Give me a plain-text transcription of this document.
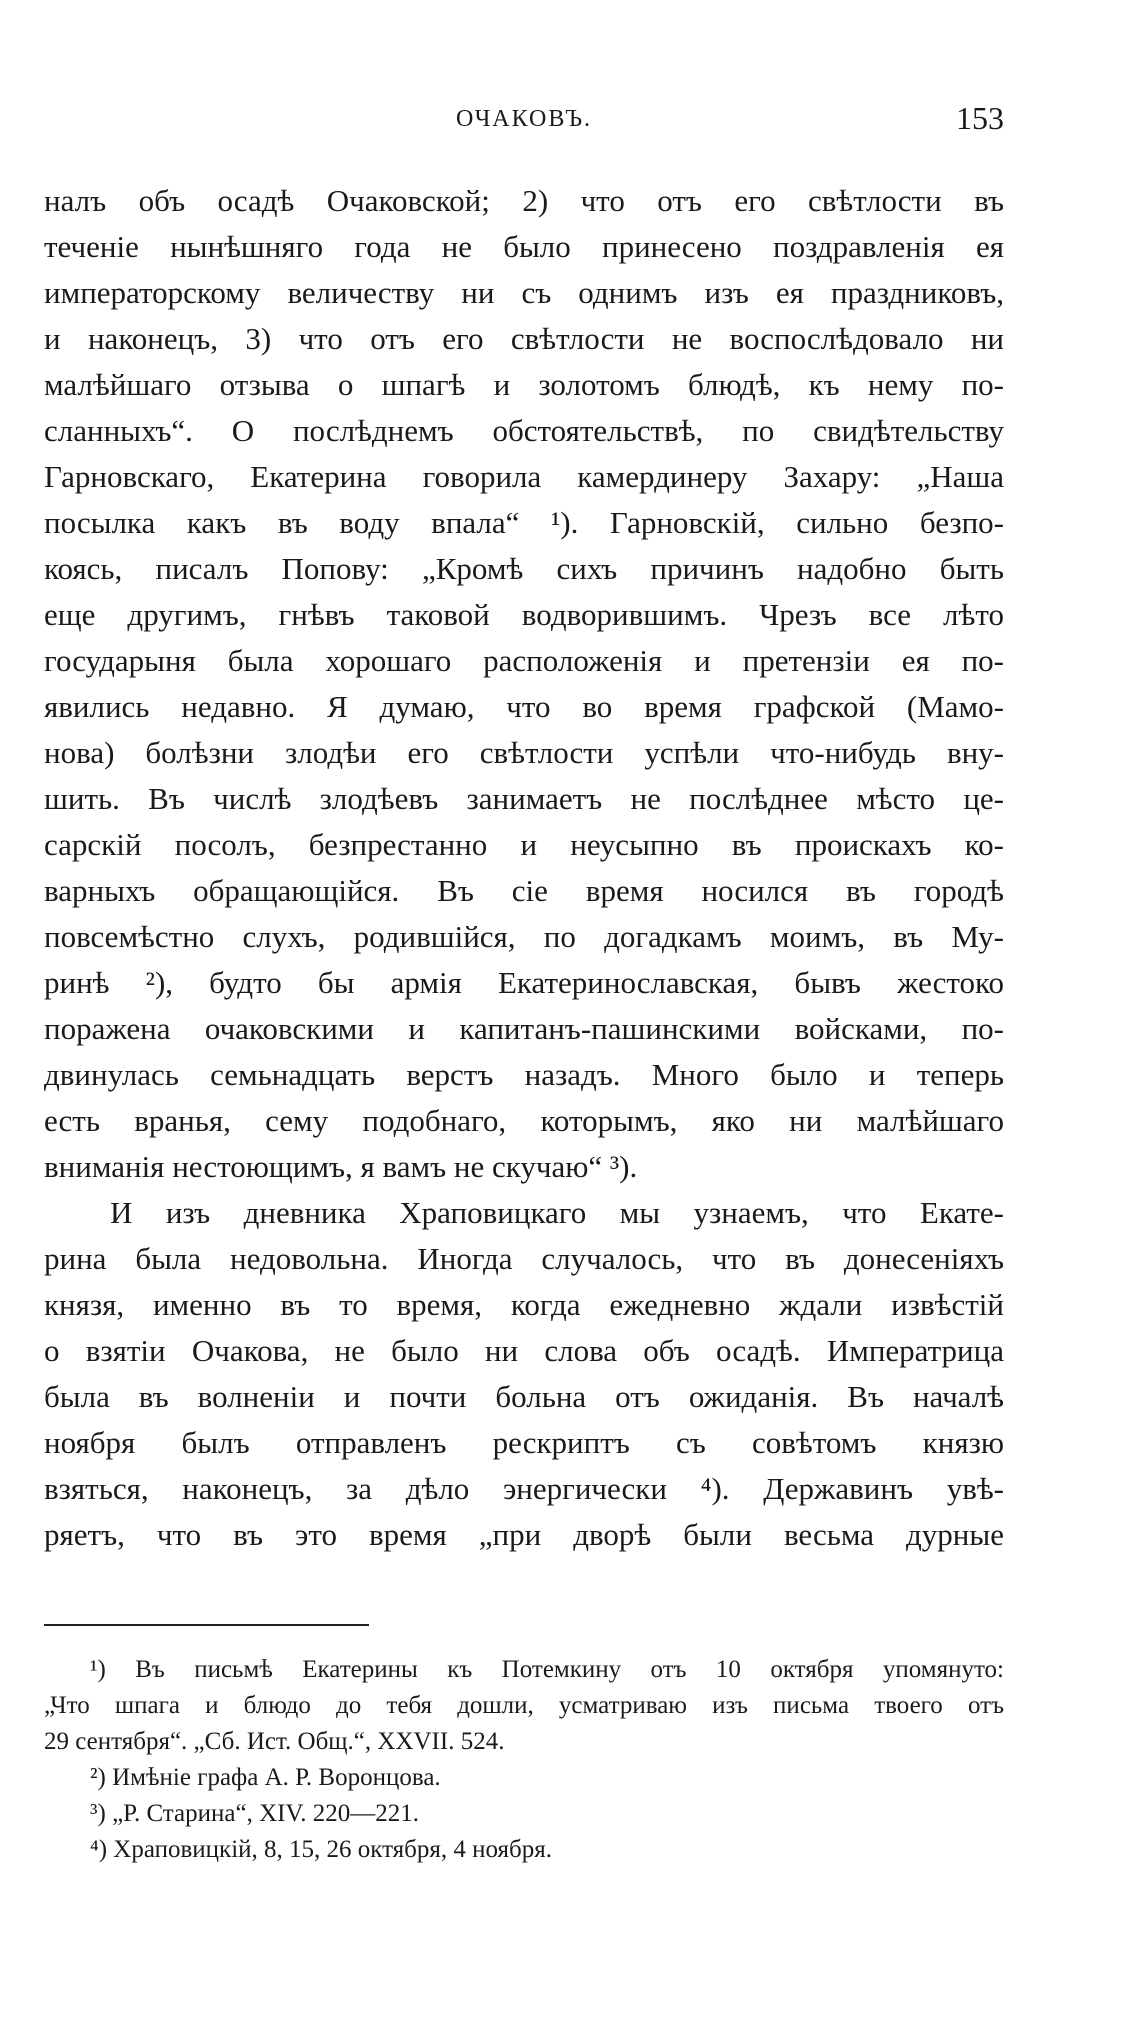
ОЧАКОВЪ.	153
налъ объ осадѣ Очаковской; 2) что отъ его свѣтлости въ
теченіе нынѣшняго года не было принесено поздравленія ея
императорскому величеству ни съ однимъ изъ ея праздниковъ,
и наконецъ, 3) что отъ его свѣтлости не воспослѣдовало ни
малѣйшаго отзыва о шпагѣ и золотомъ блюдѣ, къ нему по-
сланныхъ“. О послѣднемъ обстоятельствѣ, по свидѣтельству
Гарновскаго, Екатерина говорила камердинеру Захару: „Наша
посылка какъ въ воду впала“ ¹). Гарновскій, сильно безпо-
коясь, писалъ Попову: „Кромѣ сихъ причинъ надобно быть
еще другимъ, гнѣвъ таковой водворившимъ. Чрезъ все лѣто
государыня была хорошаго расположенія и претензіи ея по-
явились недавно. Я думаю, что во время графской (Мамо-
нова) болѣзни злодѣи его свѣтлости успѣли что-нибудь вну-
шить. Въ числѣ злодѣевъ занимаетъ не послѣднее мѣсто це-
сарскій посолъ, безпрестанно и неусыпно въ проискахъ ко-
варныхъ обращающійся. Въ сіе время носился въ городѣ
повсемѣстно слухъ, родившійся, по догадкамъ моимъ, въ Му-
ринѣ ²), будто бы армія Екатеринославская, бывъ жестоко
поражена очаковскими и капитанъ-пашинскими войсками, по-
двинулась семьнадцать верстъ назадъ. Много было и теперь
есть вранья, сему подобнаго, которымъ, яко ни малѣйшаго
вниманія нестоющимъ, я вамъ не скучаю“ ³).
И изъ дневника Храповицкаго мы узнаемъ, что Екате-
рина была недовольна. Иногда случалось, что въ донесеніяхъ
князя, именно въ то время, когда ежедневно ждали извѣстій
о взятіи Очакова, не было ни слова объ осадѣ. Императрица
была въ волненіи и почти больна отъ ожиданія. Въ началѣ
ноября былъ отправленъ рескриптъ съ совѣтомъ князю
взяться, наконецъ, за дѣло энергически ⁴). Державинъ увѣ-
ряетъ, что въ это время „при дворѣ были весьма дурные
¹) Въ письмѣ Екатерины къ Потемкину отъ 10 октября упомянуто:
„Что шпага и блюдо до тебя дошли, усматриваю изъ письма твоего отъ
29 сентября“. „Сб. Ист. Общ.“, XXVII. 524.
²) Имѣніе графа А. Р. Воронцова.
³) „Р. Старина“, XIV. 220—221.
⁴) Храповицкій, 8, 15, 26 октября, 4 ноября.
